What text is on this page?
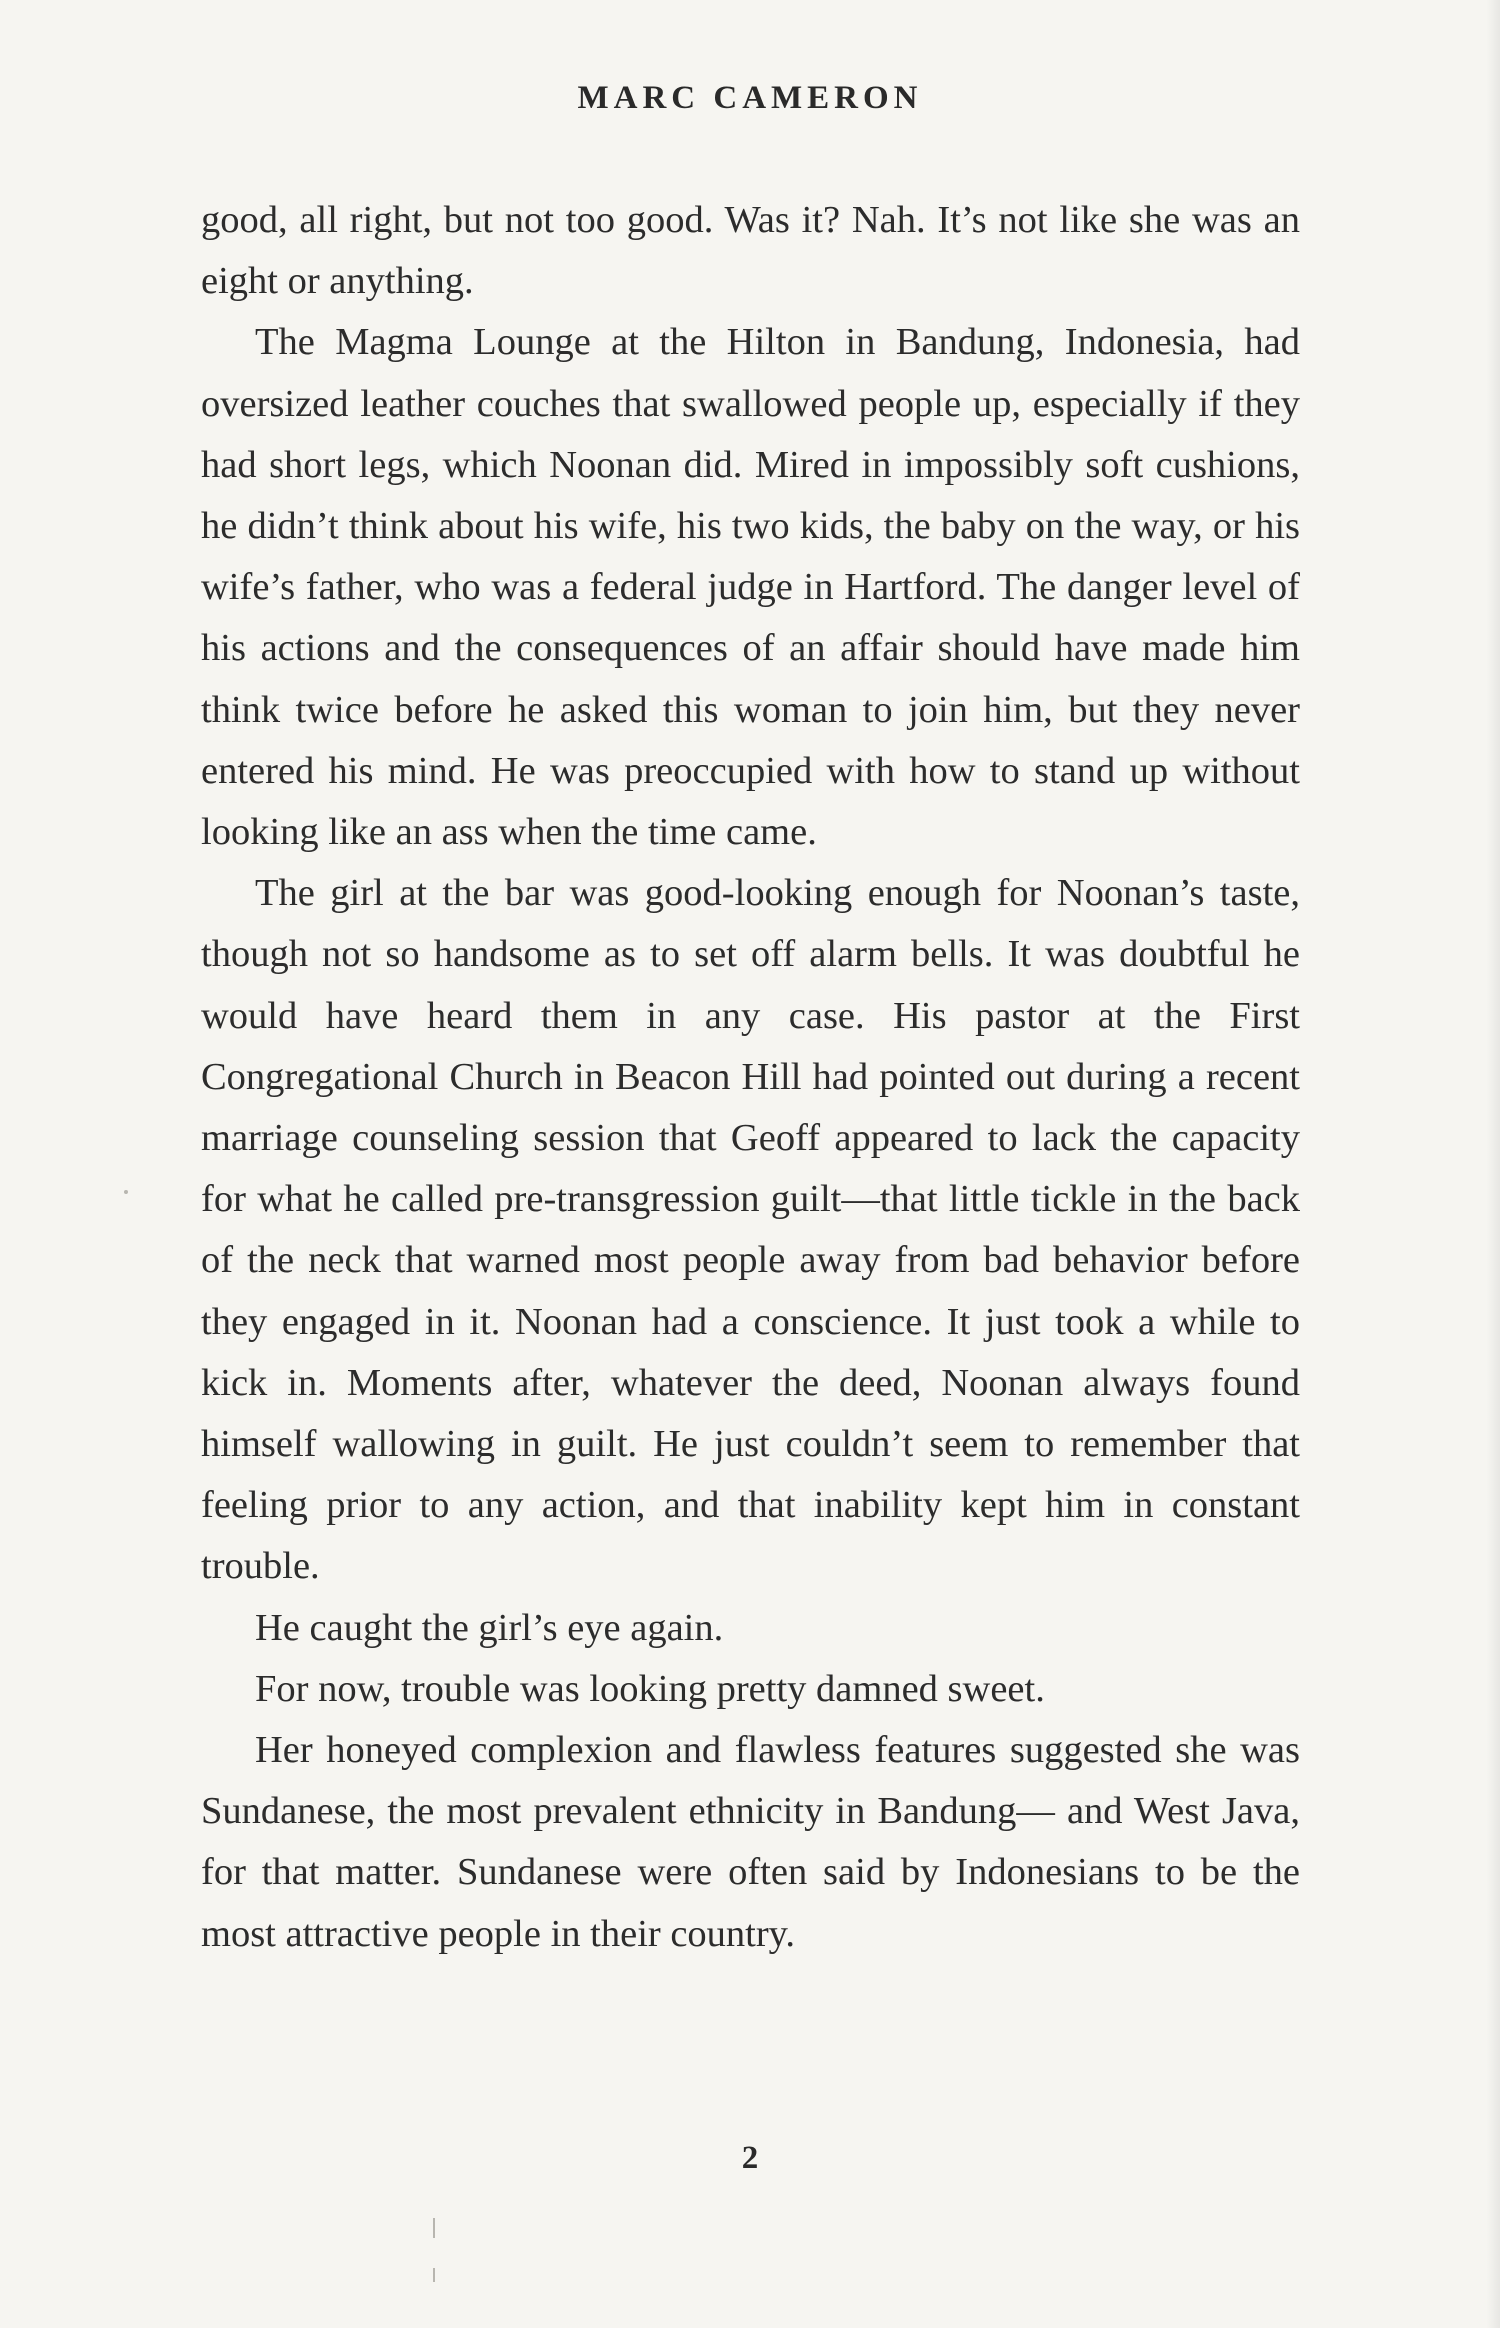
MARC CAMERON

good, all right, but not too good. Was it? Nah. It’s not like she was an eight or anything.

The Magma Lounge at the Hilton in Bandung, Indonesia, had oversized leather couches that swallowed people up, especially if they had short legs, which Noonan did. Mired in impossibly soft cushions, he didn’t think about his wife, his two kids, the baby on the way, or his wife’s father, who was a federal judge in Hartford. The danger level of his actions and the consequences of an affair should have made him think twice before he asked this woman to join him, but they never entered his mind. He was preoccupied with how to stand up without looking like an ass when the time came.

The girl at the bar was good-looking enough for Noonan’s taste, though not so handsome as to set off alarm bells. It was doubtful he would have heard them in any case. His pastor at the First Congregational Church in Beacon Hill had pointed out during a recent marriage counseling session that Geoff appeared to lack the capacity for what he called pre-transgression guilt—that little tickle in the back of the neck that warned most people away from bad behavior before they engaged in it. Noonan had a conscience. It just took a while to kick in. Moments after, whatever the deed, Noonan always found himself wallowing in guilt. He just couldn’t seem to remember that feeling prior to any action, and that inability kept him in constant trouble.

He caught the girl’s eye again.

For now, trouble was looking pretty damned sweet.

Her honeyed complexion and flawless features suggested she was Sundanese, the most prevalent ethnicity in Bandung— and West Java, for that matter. Sundanese were often said by Indonesians to be the most attractive people in their country.

2
